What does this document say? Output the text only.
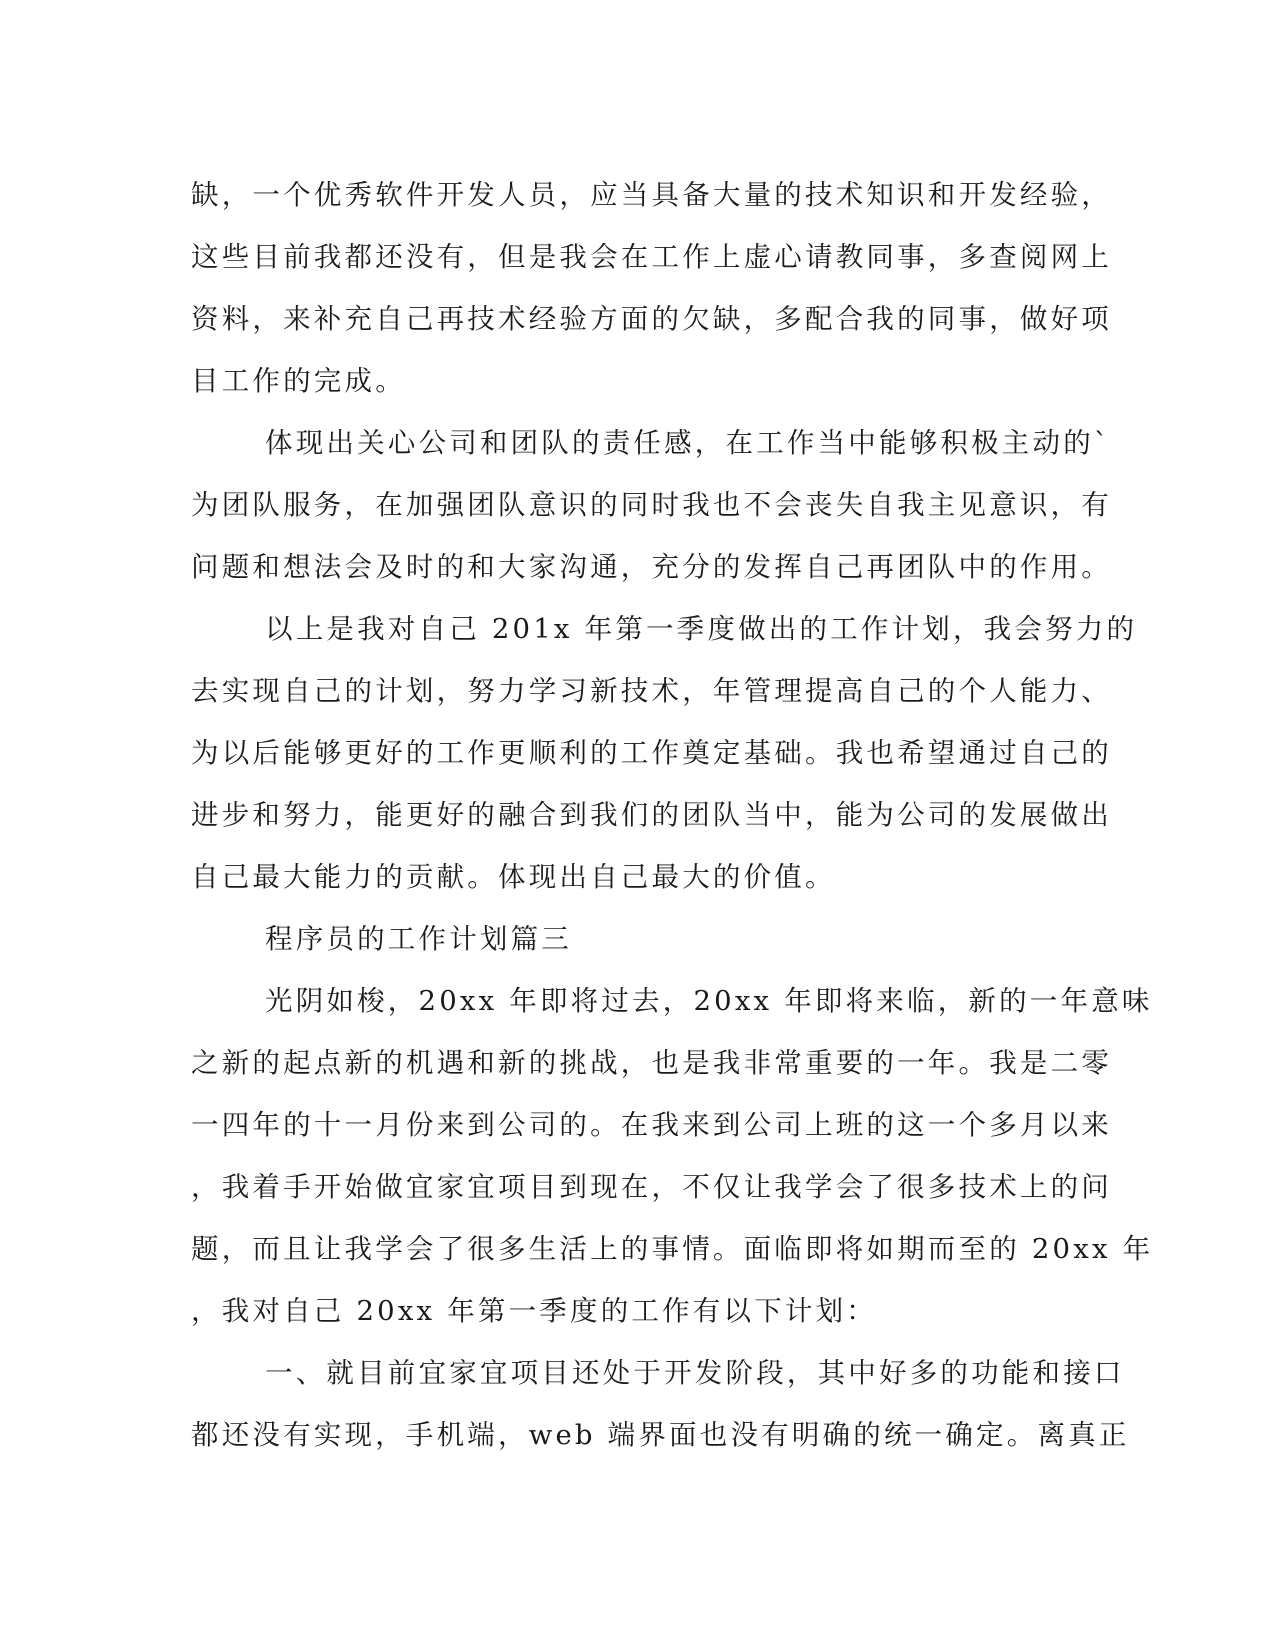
缺，一个优秀软件开发人员，应当具备大量的技术知识和开发经验，
这些目前我都还没有，但是我会在工作上虚心请教同事，多查阅网上
资料，来补充自己再技术经验方面的欠缺，多配合我的同事，做好项
目工作的完成。
体现出关心公司和团队的责任感，在工作当中能够积极主动的`
为团队服务，在加强团队意识的同时我也不会丧失自我主见意识，有
问题和想法会及时的和大家沟通，充分的发挥自己再团队中的作用。
以上是我对自己 201x 年第一季度做出的工作计划，我会努力的
去实现自己的计划，努力学习新技术，年管理提高自己的个人能力、
为以后能够更好的工作更顺利的工作奠定基础。我也希望通过自己的
进步和努力，能更好的融合到我们的团队当中，能为公司的发展做出
自己最大能力的贡献。体现出自己最大的价值。
程序员的工作计划篇三
光阴如梭，20xx 年即将过去，20xx 年即将来临，新的一年意味
之新的起点新的机遇和新的挑战，也是我非常重要的一年。我是二零
一四年的十一月份来到公司的。在我来到公司上班的这一个多月以来
，我着手开始做宜家宜项目到现在，不仅让我学会了很多技术上的问
题，而且让我学会了很多生活上的事情。面临即将如期而至的 20xx 年
，我对自己 20xx 年第一季度的工作有以下计划：
一、就目前宜家宜项目还处于开发阶段，其中好多的功能和接口
都还没有实现，手机端，web 端界面也没有明确的统一确定。离真正
